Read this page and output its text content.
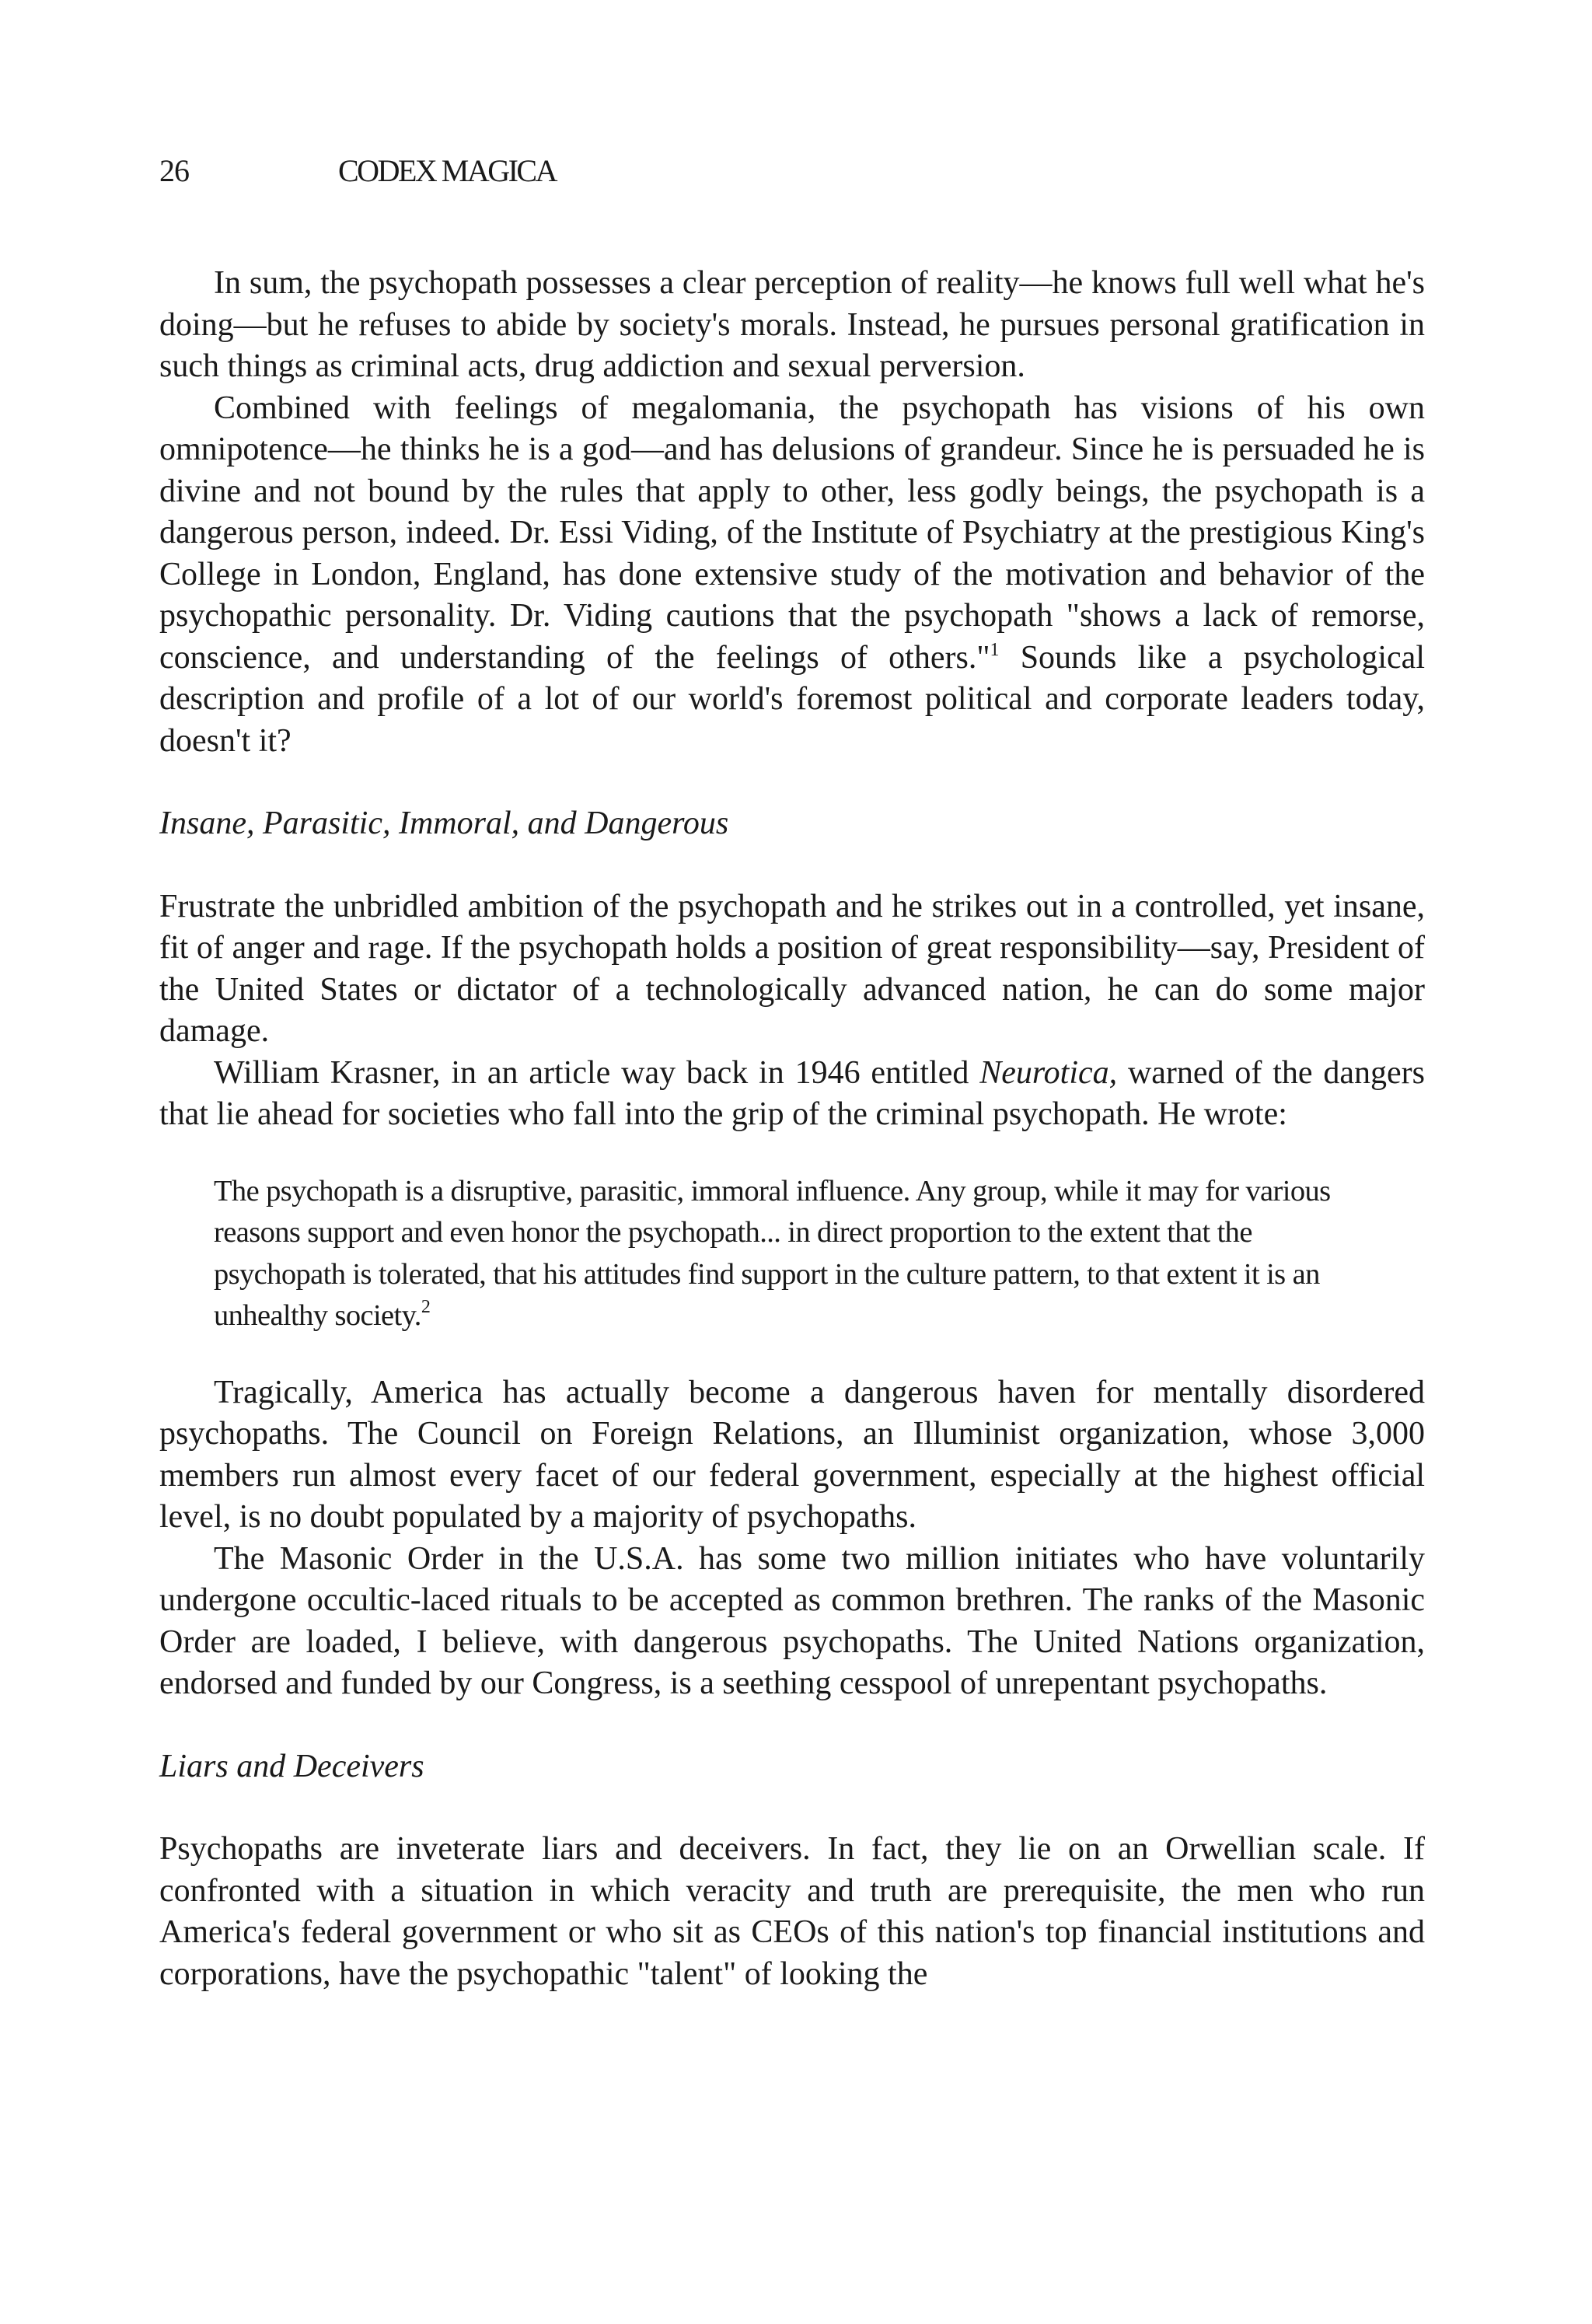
26	CODEX MAGICA

In sum, the psychopath possesses a clear perception of reality—he knows full well what he's doing—but he refuses to abide by society's morals. Instead, he pursues personal gratification in such things as criminal acts, drug addiction and sexual perversion.

Combined with feelings of megalomania, the psychopath has visions of his own omnipotence—he thinks he is a god—and has delusions of grandeur. Since he is persuaded he is divine and not bound by the rules that apply to other, less godly beings, the psychopath is a dangerous person, indeed. Dr. Essi Viding, of the Institute of Psychiatry at the prestigious King's College in London, England, has done extensive study of the motivation and behavior of the psychopathic personality. Dr. Viding cautions that the psychopath "shows a lack of remorse, conscience, and understanding of the feelings of others."$^1$ Sounds like a psychological description and profile of a lot of our world's foremost political and corporate leaders today, doesn't it?

Insane, Parasitic, Immoral, and Dangerous

Frustrate the unbridled ambition of the psychopath and he strikes out in a controlled, yet insane, fit of anger and rage. If the psychopath holds a position of great responsibility—say, President of the United States or dictator of a technologically advanced nation, he can do some major damage.

William Krasner, in an article way back in 1946 entitled Neurotica, warned of the dangers that lie ahead for societies who fall into the grip of the criminal psychopath. He wrote:

The psychopath is a disruptive, parasitic, immoral influence. Any group, while it may for various reasons support and even honor the psychopath... in direct proportion to the extent that the psychopath is tolerated, that his attitudes find support in the culture pattern, to that extent it is an unhealthy society.$^2$

Tragically, America has actually become a dangerous haven for mentally disordered psychopaths. The Council on Foreign Relations, an Illuminist organization, whose 3,000 members run almost every facet of our federal government, especially at the highest official level, is no doubt populated by a majority of psychopaths.

The Masonic Order in the U.S.A. has some two million initiates who have voluntarily undergone occultic-laced rituals to be accepted as common brethren. The ranks of the Masonic Order are loaded, I believe, with dangerous psychopaths. The United Nations organization, endorsed and funded by our Congress, is a seething cesspool of unrepentant psychopaths.

Liars and Deceivers

Psychopaths are inveterate liars and deceivers. In fact, they lie on an Orwellian scale. If confronted with a situation in which veracity and truth are prerequisite, the men who run America's federal government or who sit as CEOs of this nation's top financial institutions and corporations, have the psychopathic "talent" of looking the
